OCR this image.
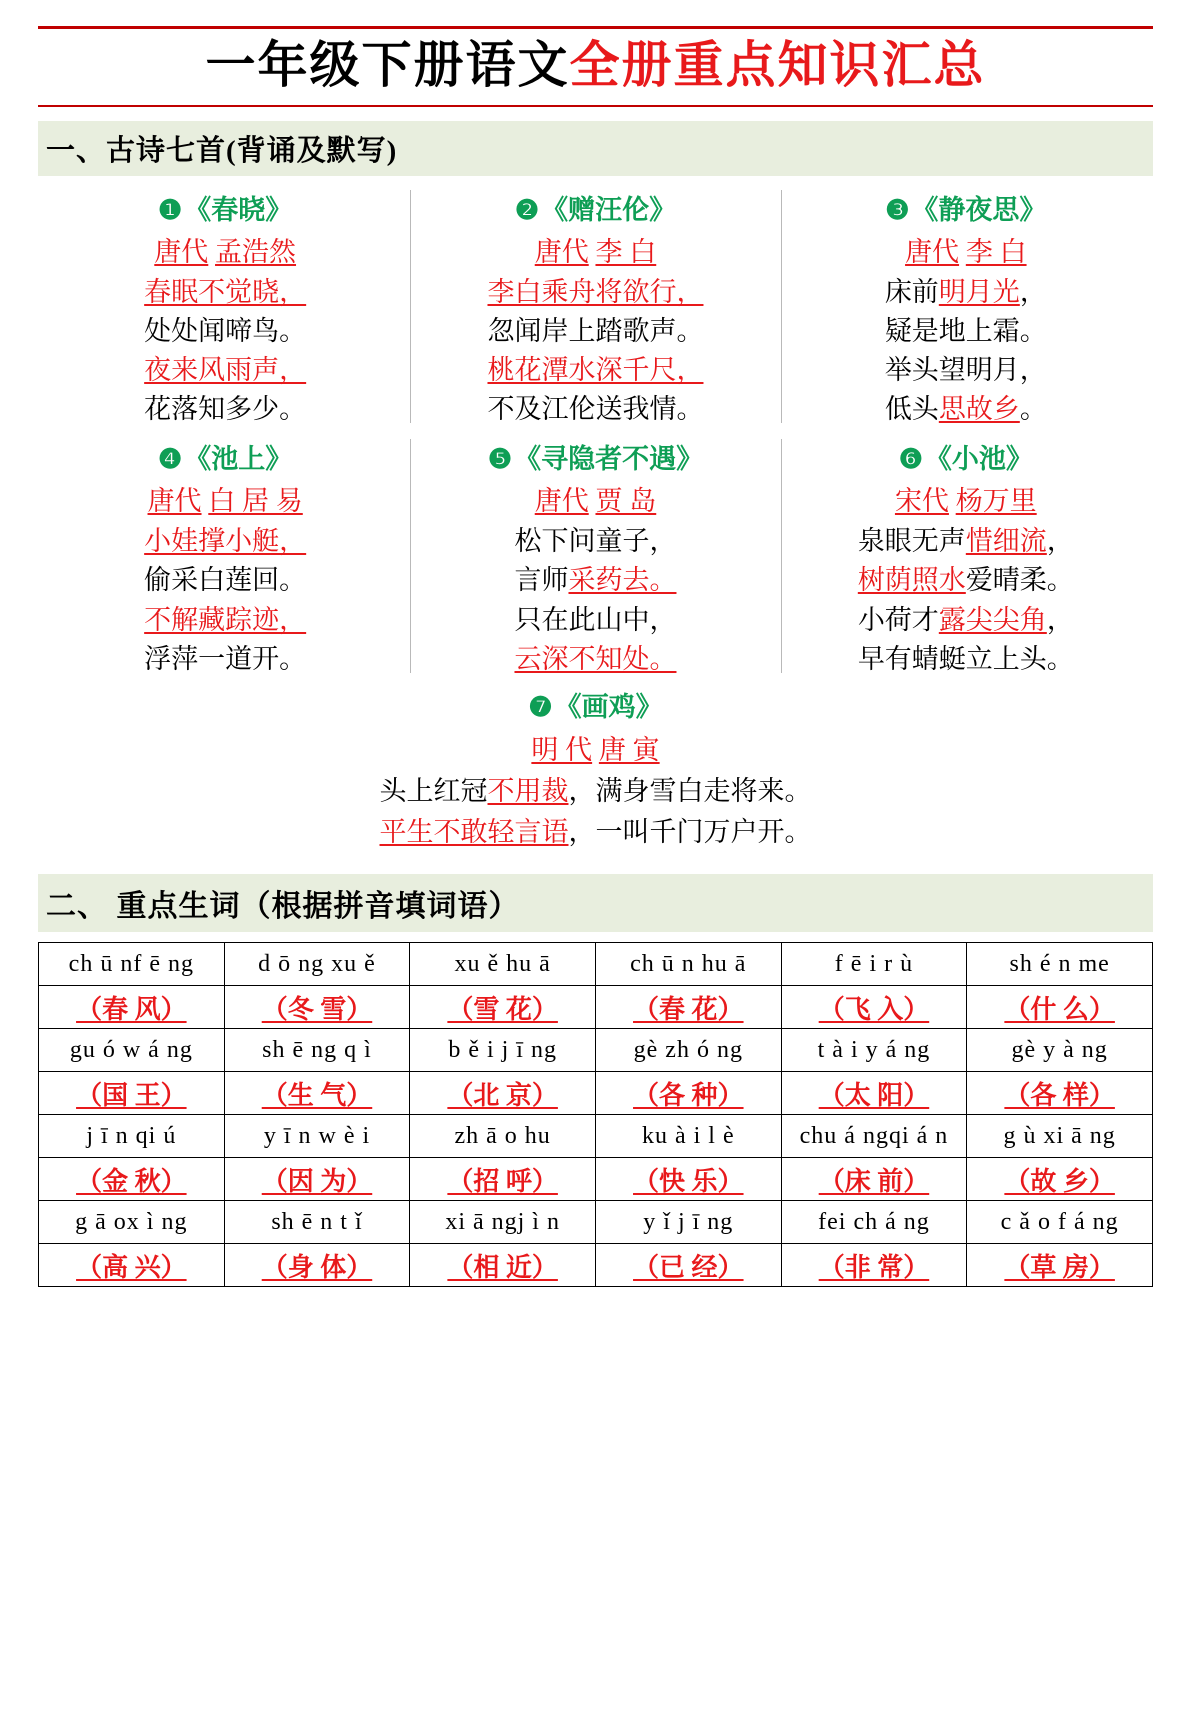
一年级下册语文全册重点知识汇总
一、古诗七首(背诵及默写)
❶《春晓》
唐代 孟浩然
春眠不觉晓，
处处闻啼鸟。
夜来风雨声，
花落知多少。
❷《赠汪伦》
唐代 李 白
李白乘舟将欲行，
忽闻岸上踏歌声。
桃花潭水深千尺，
不及江伦送我情。
❸《静夜思》
唐代 李 白
床前明月光，
疑是地上霜。
举头望明月，
低头思故乡。
❹《池上》
唐代 白 居 易
小娃撑小艇，
偷采白莲回。
不解藏踪迹，
浮萍一道开。
❺《寻隐者不遇》
唐代 贾 岛
松下问童子，
言师采药去。
只在此山中，
云深不知处。
❻《小池》
宋代 杨万里
泉眼无声惜细流，
树荫照水爱晴柔。
小荷才露尖尖角，
早有蜻蜓立上头。
❼《画鸡》
明 代 唐 寅
头上红冠不用裁，满身雪白走将来。
平生不敢轻言语，一叫千门万户开。
二、 重点生词（根据拼音填词语）
ch ū nf ē ng	d ō ng xu ě	xu ě hu ā	ch ū n hu ā	f ē i r ù	sh é n me
（春 风）	（冬 雪）	（雪 花）	（春 花）	（飞 入）	（什 么）
gu ó w á ng	sh ē ng q ì	b ě i j ī ng	gè zh ó ng	t à i y á ng	gè y à ng
（国 王）	（生 气）	（北 京）	（各 种）	（太 阳）	（各 样）
j ī n qi ú	y ī n w è i	zh ā o hu	ku à i l è	chu á ngqi á n	g ù xi ā ng
（金 秋）	（因 为）	（招 呼）	（快 乐）	（床 前）	（故 乡）
g ā ox ì ng	sh ē n t ǐ	xi ā ngj ì n	y ǐ j ī ng	fei ch á ng	c ǎ o f á ng
（高 兴）	（身 体）	（相 近）	（已 经）	（非 常）	（草 房）
